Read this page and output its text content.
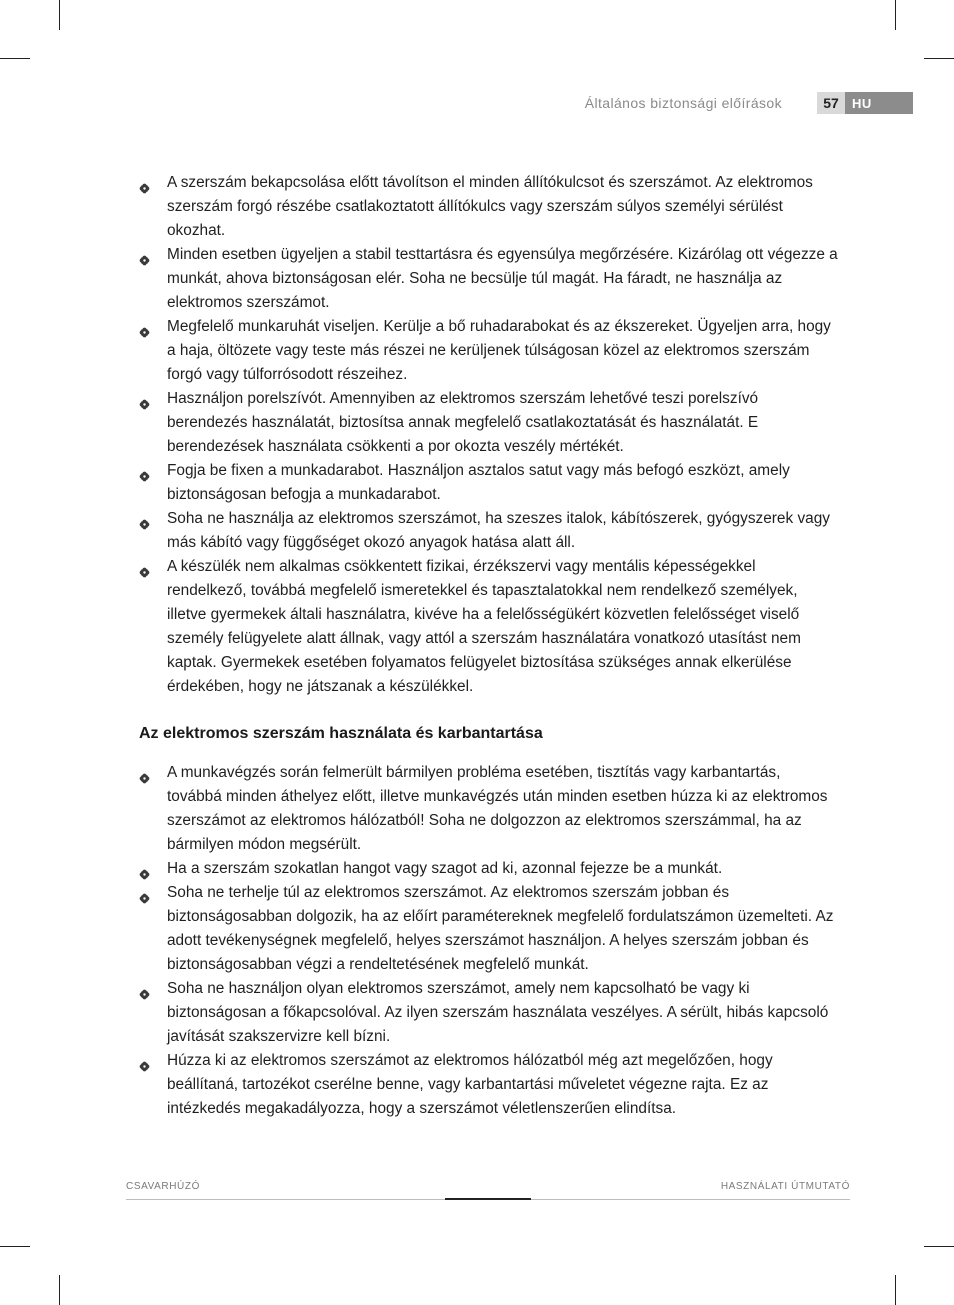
Általános biztonsági előírások	57	HU
A szerszám bekapcsolása előtt távolítson el minden állítókulcsot és szerszámot. Az elektromos szerszám forgó részébe csatlakoztatott állítókulcs vagy szerszám súlyos személyi sérülést okozhat.
Minden esetben ügyeljen a stabil testtartásra és egyensúlya megőrzésére. Kizárólag ott végezze a munkát, ahova biztonságosan elér. Soha ne becsülje túl magát. Ha fáradt, ne használja az elektromos szerszámot.
Megfelelő munkaruhát viseljen. Kerülje a bő ruhadarabokat és az ékszereket. Ügyeljen arra, hogy a haja, öltözete vagy teste más részei ne kerüljenek túlságosan közel az elektromos szerszám forgó vagy túlforrósodott részeihez.
Használjon porelszívót. Amennyiben az elektromos szerszám lehetővé teszi porelszívó berendezés használatát, biztosítsa annak megfelelő csatlakoztatását és használatát. E berendezések használata csökkenti a por okozta veszély mértékét.
Fogja be fixen a munkadarabot. Használjon asztalos satut vagy más befogó eszközt, amely biztonságosan befogja a munkadarabot.
Soha ne használja az elektromos szerszámot, ha szeszes italok, kábítószerek, gyógyszerek vagy más kábító vagy függőséget okozó anyagok hatása alatt áll.
A készülék nem alkalmas csökkentett fizikai, érzékszervi vagy mentális képességekkel rendelkező, továbbá megfelelő ismeretekkel és tapasztalatokkal nem rendelkező személyek, illetve gyermekek általi használatra, kivéve ha a felelősségükért közvetlen felelősséget viselő személy felügyelete alatt állnak, vagy attól a szerszám használatára vonatkozó utasítást nem kaptak. Gyermekek esetében folyamatos felügyelet biztosítása szükséges annak elkerülése érdekében, hogy ne játszanak a készülékkel.
Az elektromos szerszám használata és karbantartása
A munkavégzés során felmerült bármilyen probléma esetében, tisztítás vagy karbantartás, továbbá minden áthelyez előtt, illetve munkavégzés után minden esetben húzza ki az elektromos szerszámot az elektromos hálózatból! Soha ne dolgozzon az elektromos szerszámmal, ha az bármilyen módon megsérült.
Ha a szerszám szokatlan hangot vagy szagot ad ki, azonnal fejezze be a munkát.
Soha ne terhelje túl az elektromos szerszámot. Az elektromos szerszám jobban és biztonságosabban dolgozik, ha az előírt paramétereknek megfelelő fordulatszámon üzemelteti. Az adott tevékenységnek megfelelő, helyes szerszámot használjon. A helyes szerszám jobban és biztonságosabban végzi a rendeltetésének megfelelő munkát.
Soha ne használjon olyan elektromos szerszámot, amely nem kapcsolható be vagy ki biztonságosan a főkapcsolóval. Az ilyen szerszám használata veszélyes. A sérült, hibás kapcsoló javítását szakszervizre kell bízni.
Húzza ki az elektromos szerszámot az elektromos hálózatból még azt megelőzően, hogy beállítaná, tartozékot cserélne benne, vagy karbantartási műveletet végezne rajta. Ez az intézkedés megakadályozza, hogy a szerszámot véletlenszerűen elindítsa.
CSAVARHÚZÓ	HASZNÁLATI ÚTMUTATÓ
